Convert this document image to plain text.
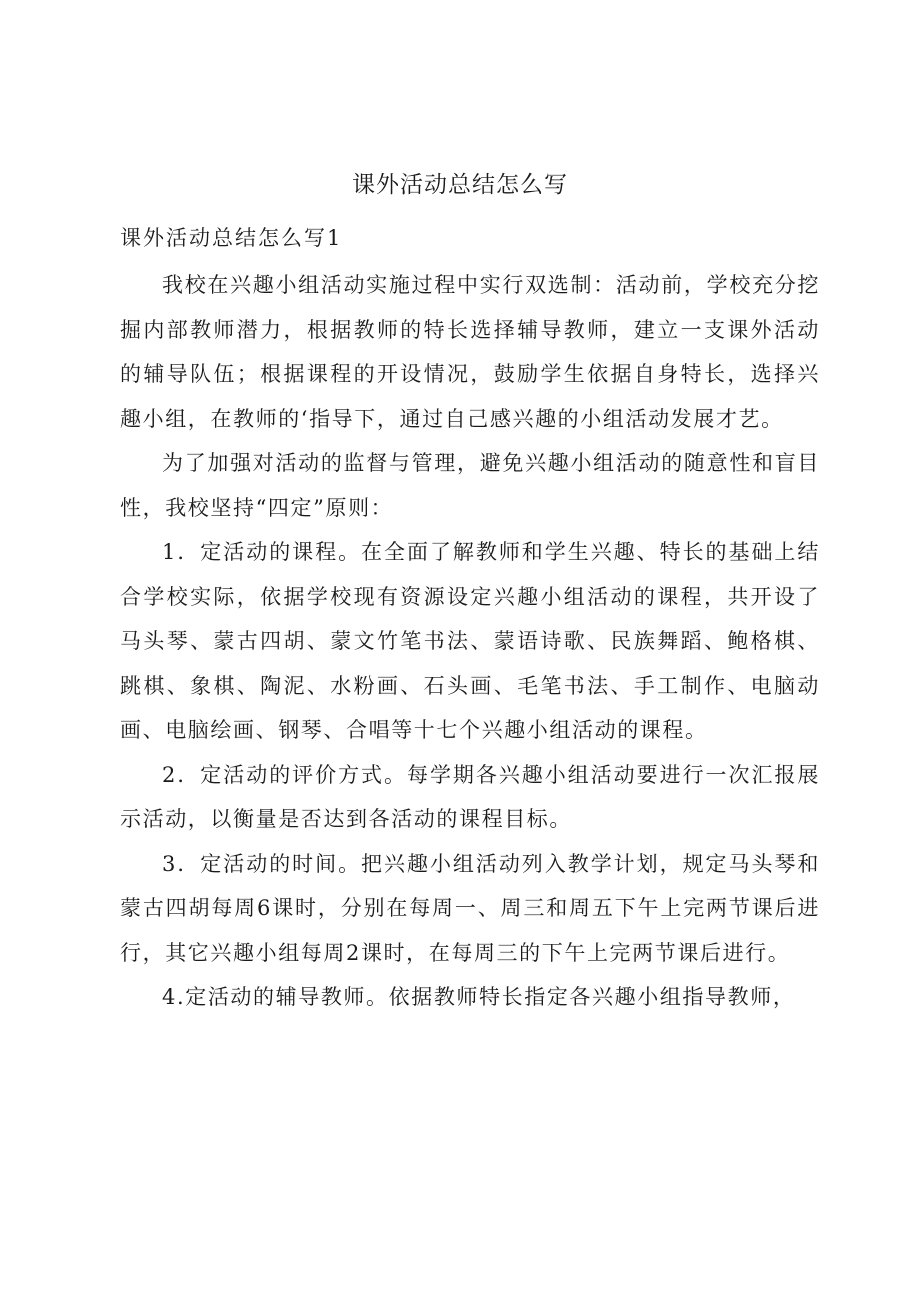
课外活动总结怎么写
课外活动总结怎么写1

我校在兴趣小组活动实施过程中实行双选制：活动前，学校充分挖掘内部教师潜力，根据教师的特长选择辅导教师，建立一支课外活动的辅导队伍；根据课程的开设情况，鼓励学生依据自身特长，选择兴趣小组，在教师的‘指导下，通过自己感兴趣的小组活动发展才艺。

为了加强对活动的监督与管理，避免兴趣小组活动的随意性和盲目性，我校坚持“四定”原则：

1．定活动的课程。在全面了解教师和学生兴趣、特长的基础上结合学校实际，依据学校现有资源设定兴趣小组活动的课程，共开设了马头琴、蒙古四胡、蒙文竹笔书法、蒙语诗歌、民族舞蹈、鲍格棋、跳棋、象棋、陶泥、水粉画、石头画、毛笔书法、手工制作、电脑动画、电脑绘画、钢琴、合唱等十七个兴趣小组活动的课程。

2．定活动的评价方式。每学期各兴趣小组活动要进行一次汇报展示活动，以衡量是否达到各活动的课程目标。

3．定活动的时间。把兴趣小组活动列入教学计划，规定马头琴和蒙古四胡每周6课时，分别在每周一、周三和周五下午上完两节课后进行，其它兴趣小组每周2课时，在每周三的下午上完两节课后进行。

4.定活动的辅导教师。依据教师特长指定各兴趣小组指导教师，
